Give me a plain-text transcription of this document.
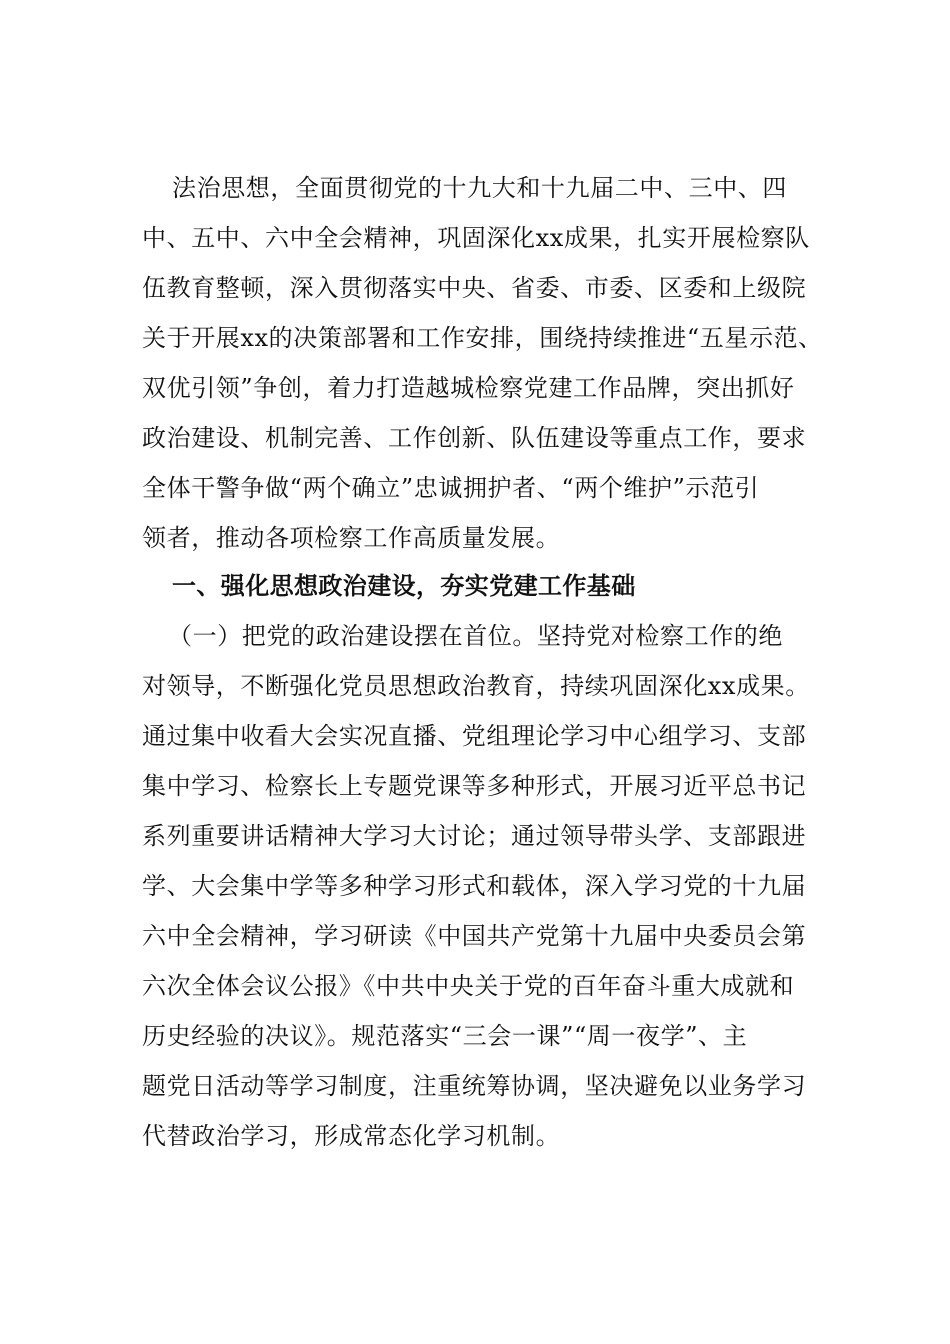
法治思想，全面贯彻党的十九大和十九届二中、三中、四

中、五中、六中全会精神，巩固深化xx成果，扎实开展检察队

伍教育整顿，深入贯彻落实中央、省委、市委、区委和上级院

关于开展xx的决策部署和工作安排，围绕持续推进“五星示范、

双优引领”争创，着力打造越城检察党建工作品牌，突出抓好

政治建设、机制完善、工作创新、队伍建设等重点工作，要求

全体干警争做“两个确立”忠诚拥护者、“两个维护”示范引

领者，推动各项检察工作高质量发展。

一、强化思想政治建设，夯实党建工作基础

（一）把党的政治建设摆在首位。坚持党对检察工作的绝

对领导，不断强化党员思想政治教育，持续巩固深化xx成果。

通过集中收看大会实况直播、党组理论学习中心组学习、支部

集中学习、检察长上专题党课等多种形式，开展习近平总书记

系列重要讲话精神大学习大讨论；通过领导带头学、支部跟进

学、大会集中学等多种学习形式和载体，深入学习党的十九届

六中全会精神，学习研读《中国共产党第十九届中央委员会第

六次全体会议公报》《中共中央关于党的百年奋斗重大成就和

历史经验的决议》。规范落实“三会一课”“周一夜学”、主

题党日活动等学习制度，注重统筹协调，坚决避免以业务学习

代替政治学习，形成常态化学习机制。
